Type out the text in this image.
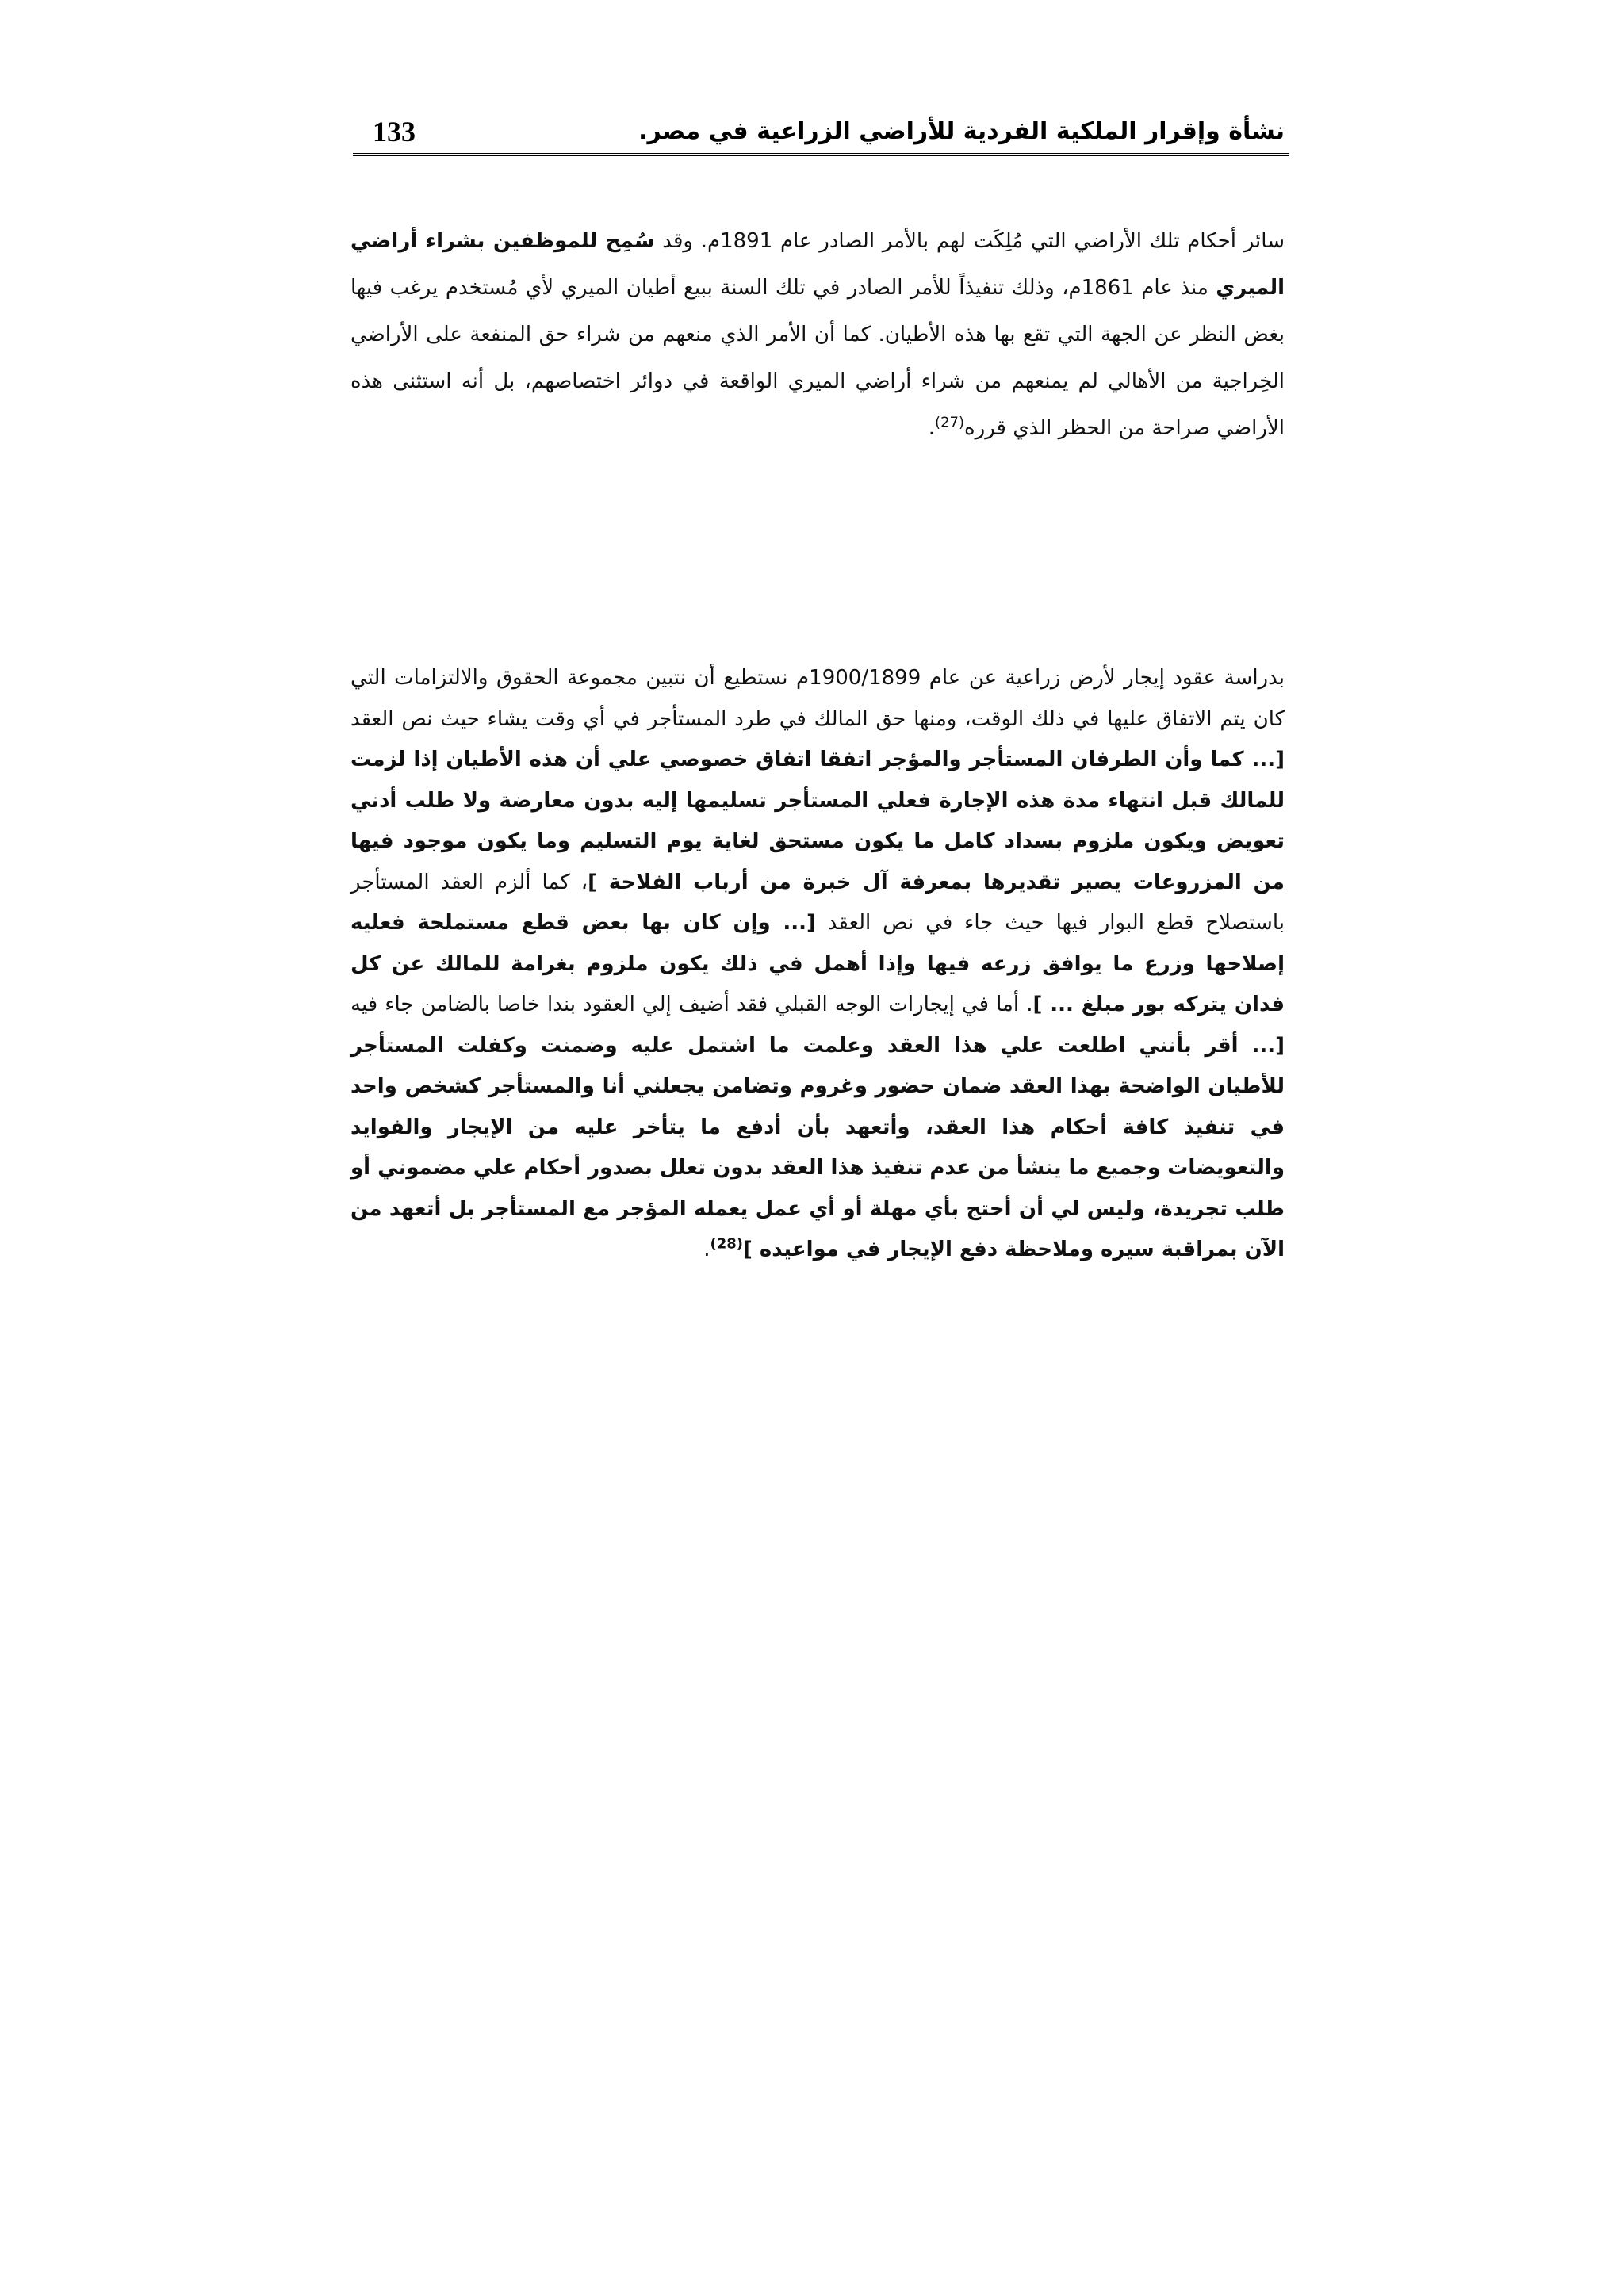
نشأة وإقرار الملكية الفردية للأراضي الزراعية في مصر.
133
سائر أحكام تلك الأراضي التي مُلِكَت لهم بالأمر الصادر عام 1891م. وقد سُمِح للموظفين بشراء أراضي الميري منذ عام 1861م، وذلك تنفيذاً للأمر الصادر في تلك السنة ببيع أطيان الميري لأي مُستخدم يرغب فيها بغض النظر عن الجهة التي تقع بها هذه الأطيان. كما أن الأمر الذي منعهم من شراء حق المنفعة على الأراضي الخِراجية من الأهالي لم يمنعهم من شراء أراضي الميري الواقعة في دوائر اختصاصهم، بل أنه استثنى هذه الأراضي صراحة من الحظر الذي قرره$^{(27)}$.
بدراسة عقود إيجار لأرض زراعية عن عام 1900/1899م نستطيع أن نتبين مجموعة الحقوق والالتزامات التي كان يتم الاتفاق عليها في ذلك الوقت، ومنها حق المالك في طرد المستأجر في أي وقت يشاء حيث نص العقد [... كما وأن الطرفان المستأجر والمؤجر اتفقا اتفاق خصوصي علي أن هذه الأطيان إذا لزمت للمالك قبل انتهاء مدة هذه الإجارة فعلي المستأجر تسليمها إليه بدون معارضة ولا طلب أدني تعويض ويكون ملزوم بسداد كامل ما يكون مستحق لغاية يوم التسليم وما يكون موجود فيها من المزروعات يصير تقديرها بمعرفة آل خبرة من أرباب الفلاحة ]، كما ألزم العقد المستأجر باستصلاح قطع البوار فيها حيث جاء في نص العقد [... وإن كان بها بعض قطع مستملحة فعليه إصلاحها وزرع ما يوافق زرعه فيها وإذا أهمل في ذلك يكون ملزوم بغرامة للمالك عن كل فدان يتركه بور مبلغ ... ]. أما في إيجارات الوجه القبلي فقد أضيف إلي العقود بندا خاصا بالضامن جاء فيه [... أقر بأنني اطلعت علي هذا العقد وعلمت ما اشتمل عليه وضمنت وكفلت المستأجر للأطيان الواضحة بهذا العقد ضمان حضور وغروم وتضامن يجعلني أنا والمستأجر كشخص واحد في تنفيذ كافة أحكام هذا العقد، وأتعهد بأن أدفع ما يتأخر عليه من الإيجار والفوايد والتعويضات وجميع ما ينشأ من عدم تنفيذ هذا العقد بدون تعلل بصدور أحكام علي مضموني أو طلب تجريدة، وليس لي أن أحتج بأي مهلة أو أي عمل يعمله المؤجر مع المستأجر بل أتعهد من الآن بمراقبة سيره وملاحظة دفع الإيجار في مواعيده ]$^{(28)}$.
